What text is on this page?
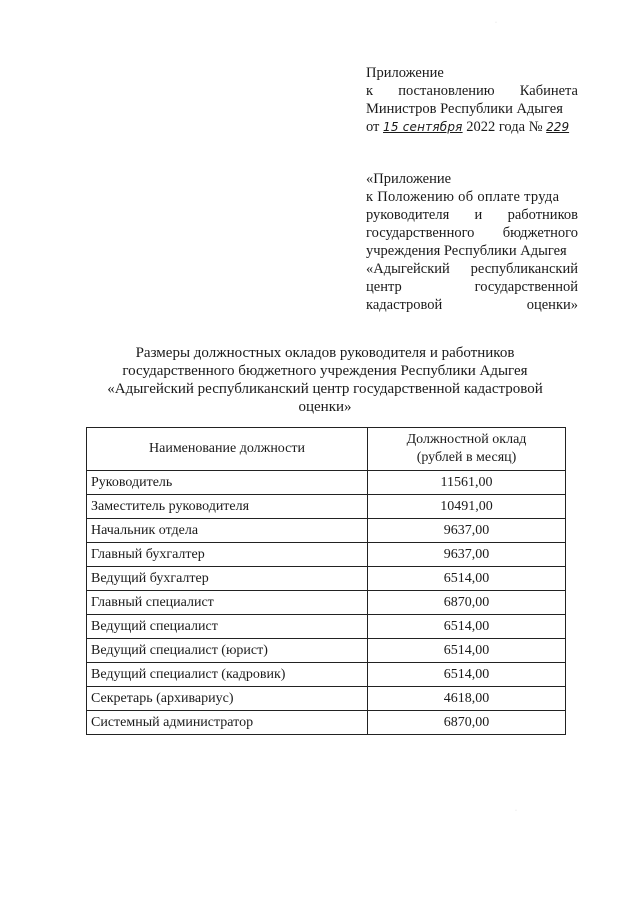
Приложение
к постановлению Кабинета
Министров Республики Адыгея
от 15 сентября 2022 года № 229
«Приложение
к Положению об оплате труда
руководителя и работников
государственного бюджетного
учреждения Республики Адыгея
«Адыгейский республиканский
центр	государственной
кадастровой	оценки»
Размеры должностных окладов руководителя и работников
государственного бюджетного учреждения Республики Адыгея
«Адыгейский республиканский центр государственной кадастровой
оценки»
Наименование должности	Должностной оклад
(рублей в месяц)

Руководитель	11561,00
Заместитель руководителя	10491,00
Начальник отдела	9637,00
Главный бухгалтер	9637,00
Ведущий бухгалтер	6514,00
Главный специалист	6870,00
Ведущий специалист	6514,00
Ведущий специалист (юрист)	6514,00
Ведущий специалист (кадровик)	6514,00
Секретарь (архивариус)	4618,00
Системный администратор	6870,00
·
·
